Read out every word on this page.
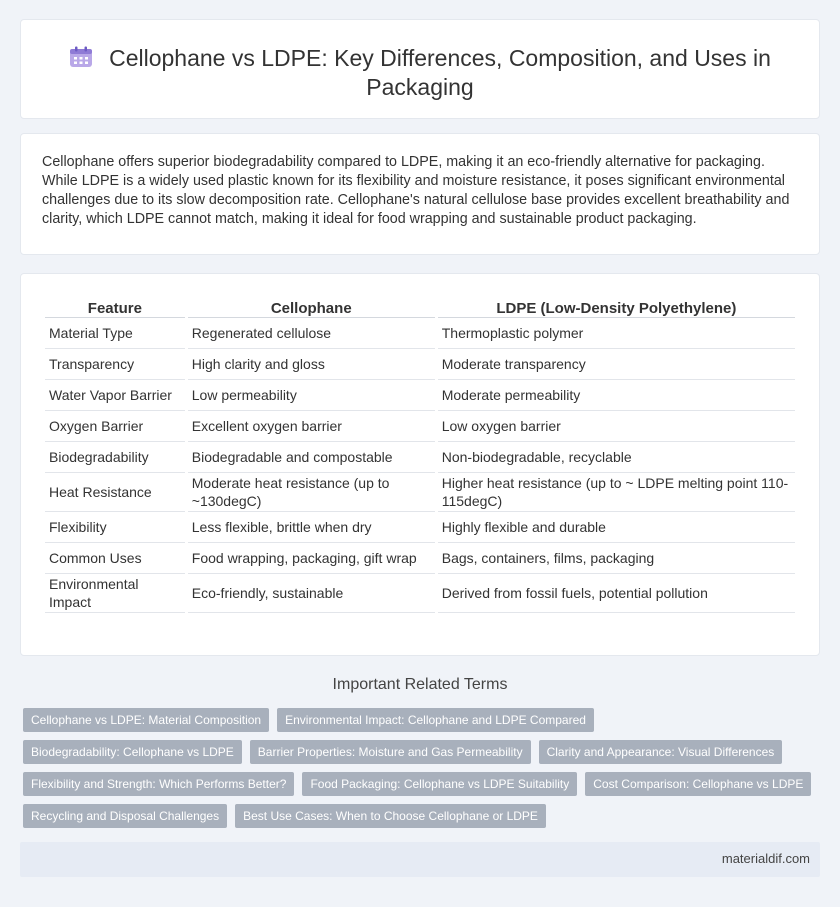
Cellophane vs LDPE: Key Differences, Composition, and Uses in Packaging

Cellophane offers superior biodegradability compared to LDPE, making it an eco-friendly alternative for packaging. While LDPE is a widely used plastic known for its flexibility and moisture resistance, it poses significant environmental challenges due to its slow decomposition rate. Cellophane's natural cellulose base provides excellent breathability and clarity, which LDPE cannot match, making it ideal for food wrapping and sustainable product packaging.

Feature	Cellophane	LDPE (Low-Density Polyethylene)
Material Type	Regenerated cellulose	Thermoplastic polymer
Transparency	High clarity and gloss	Moderate transparency
Water Vapor Barrier	Low permeability	Moderate permeability
Oxygen Barrier	Excellent oxygen barrier	Low oxygen barrier
Biodegradability	Biodegradable and compostable	Non-biodegradable, recyclable
Heat Resistance	Moderate heat resistance (up to ~130degC)	Higher heat resistance (up to ~ LDPE melting point 110-115degC)
Flexibility	Less flexible, brittle when dry	Highly flexible and durable
Common Uses	Food wrapping, packaging, gift wrap	Bags, containers, films, packaging
Environmental Impact	Eco-friendly, sustainable	Derived from fossil fuels, potential pollution
Important Related Terms
Cellophane vs LDPE: Material Composition	Environmental Impact: Cellophane and LDPE Compared
Biodegradability: Cellophane vs LDPE	Barrier Properties: Moisture and Gas Permeability	Clarity and Appearance: Visual Differences
Flexibility and Strength: Which Performs Better?	Food Packaging: Cellophane vs LDPE Suitability	Cost Comparison: Cellophane vs LDPE
Recycling and Disposal Challenges	Best Use Cases: When to Choose Cellophane or LDPE
materialdif.com
